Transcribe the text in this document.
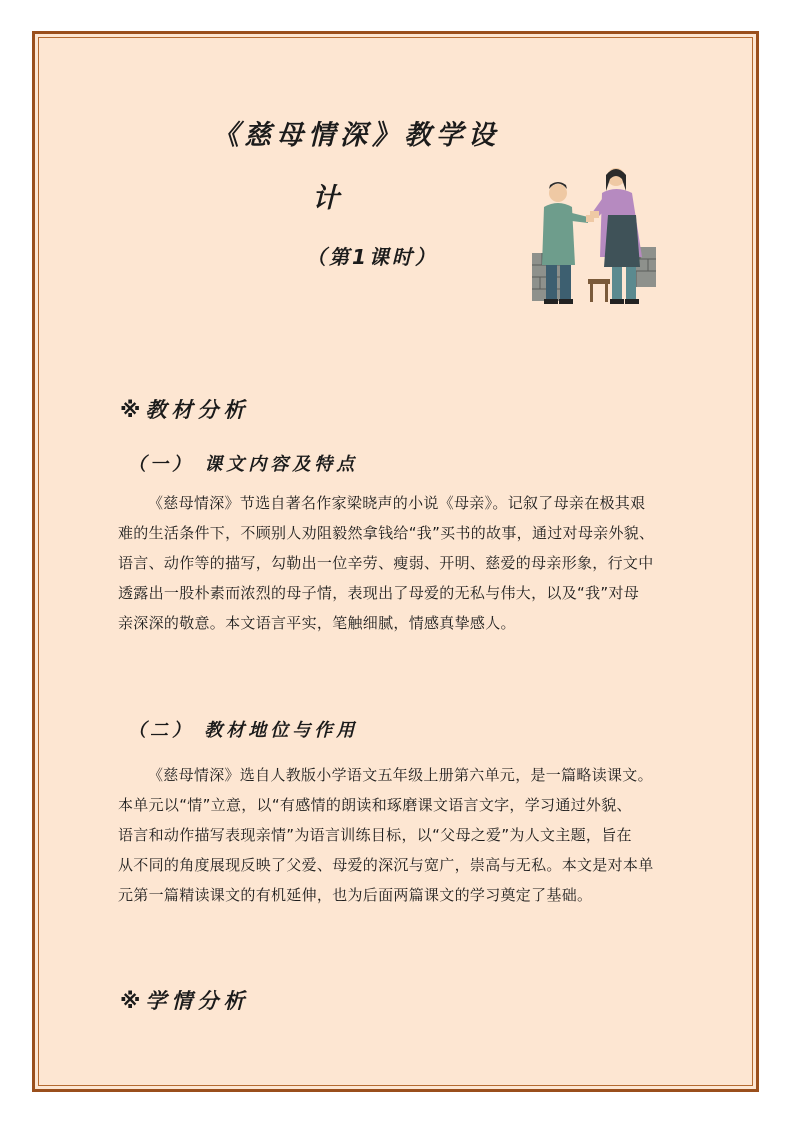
《慈母情深》教学设
计
（第1课时）
※教材分析
（一） 课文内容及特点
《慈母情深》节选自著名作家梁晓声的小说《母亲》。记叙了母亲在极其艰
难的生活条件下，不顾别人劝阻毅然拿钱给“我”买书的故事，通过对母亲外貌、
语言、动作等的描写，勾勒出一位辛劳、瘦弱、开明、慈爱的母亲形象，行文中
透露出一股朴素而浓烈的母子情，表现出了母爱的无私与伟大，以及“我”对母
亲深深的敬意。本文语言平实，笔触细腻，情感真挚感人。
（二） 教材地位与作用
《慈母情深》选自人教版小学语文五年级上册第六单元，是一篇略读课文。
本单元以“情”立意，以“有感情的朗读和琢磨课文语言文字，学习通过外貌、
语言和动作描写表现亲情”为语言训练目标，以“父母之爱”为人文主题，旨在
从不同的角度展现反映了父爱、母爱的深沉与宽广，崇高与无私。本文是对本单
元第一篇精读课文的有机延伸，也为后面两篇课文的学习奠定了基础。
※学情分析
